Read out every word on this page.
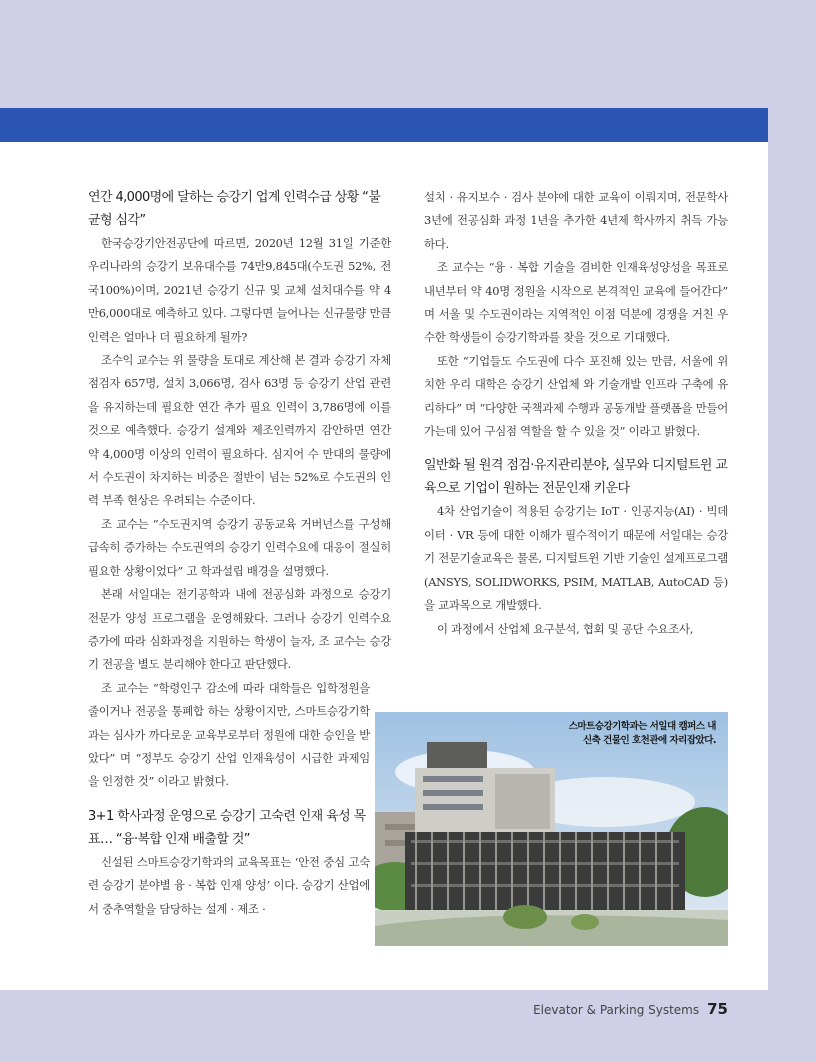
연간 4,000명에 달하는 승강기 업계 인력수급 상황 “불균형 심각”

한국승강기안전공단에 따르면, 2020년 12월 31일 기준한 우리나라의 승강기 보유대수를 74만9,845대(수도권 52%, 전국100%)이며, 2021년 승강기 신규 및 교체 설치대수를 약 4만6,000대로 예측하고 있다. 그렇다면 늘어나는 신규물량 만큼 인력은 얼마나 더 필요하게 될까?

조수익 교수는 위 물량을 토대로 계산해 본 결과 승강기 자체점검자 657명, 설치 3,066명, 검사 63명 등 승강기 산업 관련을 유지하는데 필요한 연간 추가 필요 인력이 3,786명에 이를 것으로 예측했다. 승강기 설계와 제조인력까지 감안하면 연간 약 4,000명 이상의 인력이 필요하다. 심지어 수 만대의 물량에서 수도권이 차지하는 비중은 절반이 넘는 52%로 수도권의 인력 부족 현상은 우려되는 수준이다.

조 교수는 “수도권지역 승강기 공동교육 거버넌스를 구성해 급속히 증가하는 수도권역의 승강기 인력수요에 대응이 절실히 필요한 상황이었다” 고 학과설립 배경을 설명했다.

본래 서일대는 전기공학과 내에 전공심화 과정으로 승강기 전문가 양성 프로그램을 운영해왔다. 그러나 승강기 인력수요 증가에 따라 심화과정을 지원하는 학생이 늘자, 조 교수는 승강기 전공을 별도 분리해야 한다고 판단했다.

조 교수는 “학령인구 감소에 따라 대학들은 입학정원을 줄이거나 전공을 통폐합 하는 상황이지만, 스마트승강기학과는 심사가 까다로운 교육부로부터 정원에 대한 승인을 받았다” 며 “정부도 승강기 산업 인재육성이 시급한 과제임을 인정한 것” 이라고 밝혔다.

3+1 학사과정 운영으로 승강기 고숙련 인재 육성 목표… “융·복합 인재 배출할 것”

신설된 스마트승강기학과의 교육목표는 ‘안전 중심 고숙련 승강기 분야별 융 · 복합 인재 양성’ 이다. 승강기 산업에서 중추역할을 담당하는 설계 · 제조 ·

설치 · 유지보수 · 검사 분야에 대한 교육이 이뤄지며, 전문학사 3년에 전공심화 과정 1년을 추가한 4년제 학사까지 취득 가능하다.

조 교수는 “융 · 복합 기술을 겸비한 인재육성양성을 목표로 내년부터 약 40명 정원을 시작으로 본격적인 교육에 들어간다” 며 서울 및 수도권이라는 지역적인 이점 덕분에 경쟁을 거친 우수한 학생들이 승강기학과를 찾을 것으로 기대했다.

또한 “기업들도 수도권에 다수 포진해 있는 만큼, 서울에 위치한 우리 대학은 승강기 산업체 와 기술개발 인프라 구축에 유리하다” 며 “다양한 국책과제 수행과 공동개발 플랫폼을 만들어가는데 있어 구심점 역할을 할 수 있을 것” 이라고 밝혔다.

일반화 될 원격 점검·유지관리분야, 실무와 디지털트윈 교육으로 기업이 원하는 전문인재 키운다

4차 산업기술이 적용된 승강기는 IoT · 인공지능(AI) · 빅데이터 · VR 등에 대한 이해가 필수적이기 때문에 서일대는 승강기 전문기술교육은 물론, 디지털트윈 기반 기술인 설계프로그램 (ANSYS, SOLIDWORKS, PSIM, MATLAB, AutoCAD 등)을 교과목으로 개발했다.

이 과정에서 산업체 요구분석, 협회 및 공단 수요조사,

스마트승강기학과는 서일대 캠퍼스 내
신축 건물인 호천관에 자리잡았다.
Elevator & Parking Systems 75
